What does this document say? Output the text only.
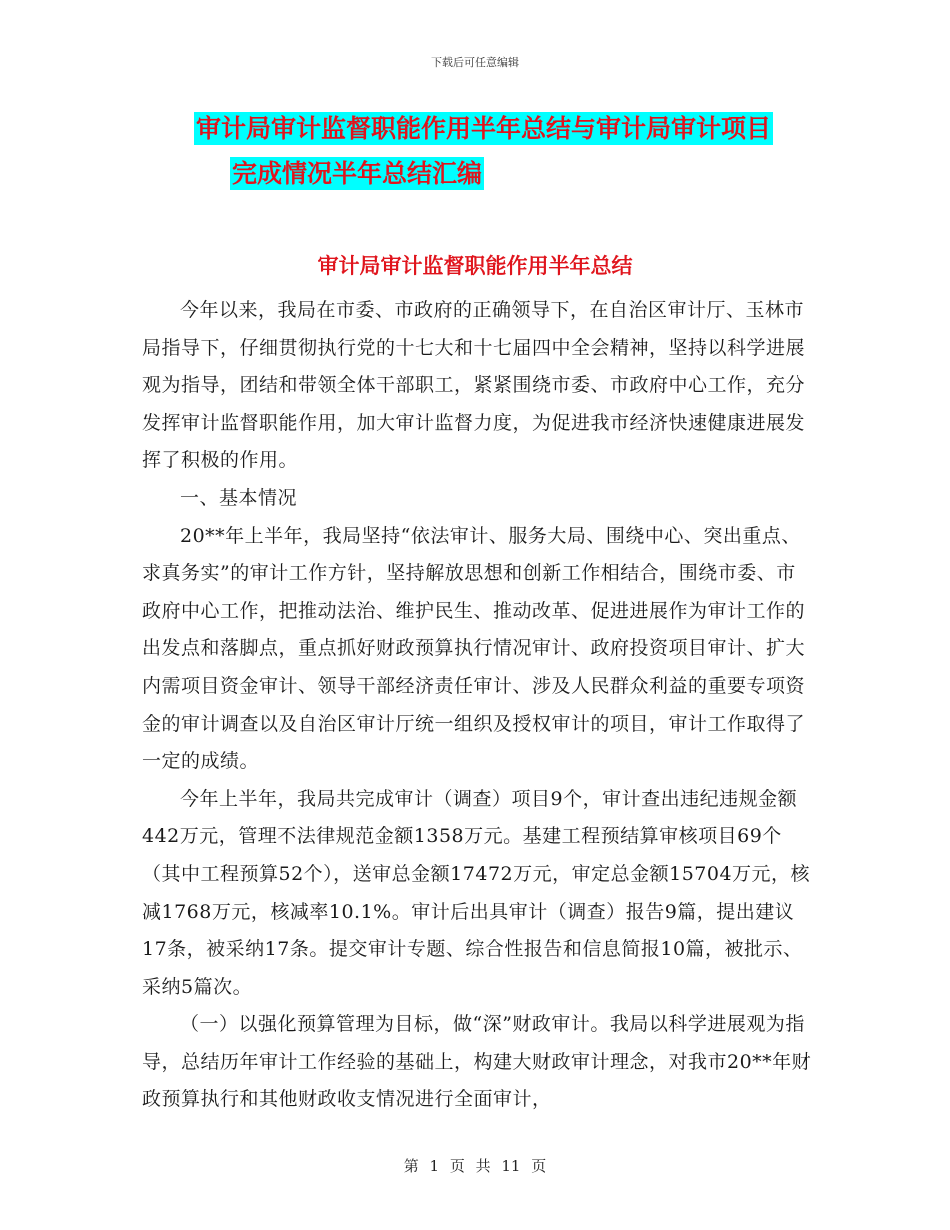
下载后可任意编辑
审计局审计监督职能作用半年总结与审计局审计项目
完成情况半年总结汇编
审计局审计监督职能作用半年总结

今年以来，我局在市委、市政府的正确领导下，在自治区审计厅、玉林市局指导下，仔细贯彻执行党的十七大和十七届四中全会精神，坚持以科学进展观为指导，团结和带领全体干部职工，紧紧围绕市委、市政府中心工作，充分发挥审计监督职能作用，加大审计监督力度，为促进我市经济快速健康进展发挥了积极的作用。

一、基本情况

20**年上半年，我局坚持“依法审计、服务大局、围绕中心、突出重点、求真务实”的审计工作方针，坚持解放思想和创新工作相结合，围绕市委、市政府中心工作，把推动法治、维护民生、推动改革、促进进展作为审计工作的出发点和落脚点，重点抓好财政预算执行情况审计、政府投资项目审计、扩大内需项目资金审计、领导干部经济责任审计、涉及人民群众利益的重要专项资金的审计调查以及自治区审计厅统一组织及授权审计的项目，审计工作取得了一定的成绩。

今年上半年，我局共完成审计（调查）项目9个，审计查出违纪违规金额442万元，管理不法律规范金额1358万元。基建工程预结算审核项目69个（其中工程预算52个），送审总金额17472万元，审定总金额15704万元，核减1768万元，核减率10.1%。审计后出具审计（调查）报告9篇，提出建议17条，被采纳17条。提交审计专题、综合性报告和信息简报10篇，被批示、采纳5篇次。

（一）以强化预算管理为目标，做“深”财政审计。我局以科学进展观为指导，总结历年审计工作经验的基础上，构建大财政审计理念，对我市20**年财政预算执行和其他财政收支情况进行全面审计，

第 1 页 共 11 页
